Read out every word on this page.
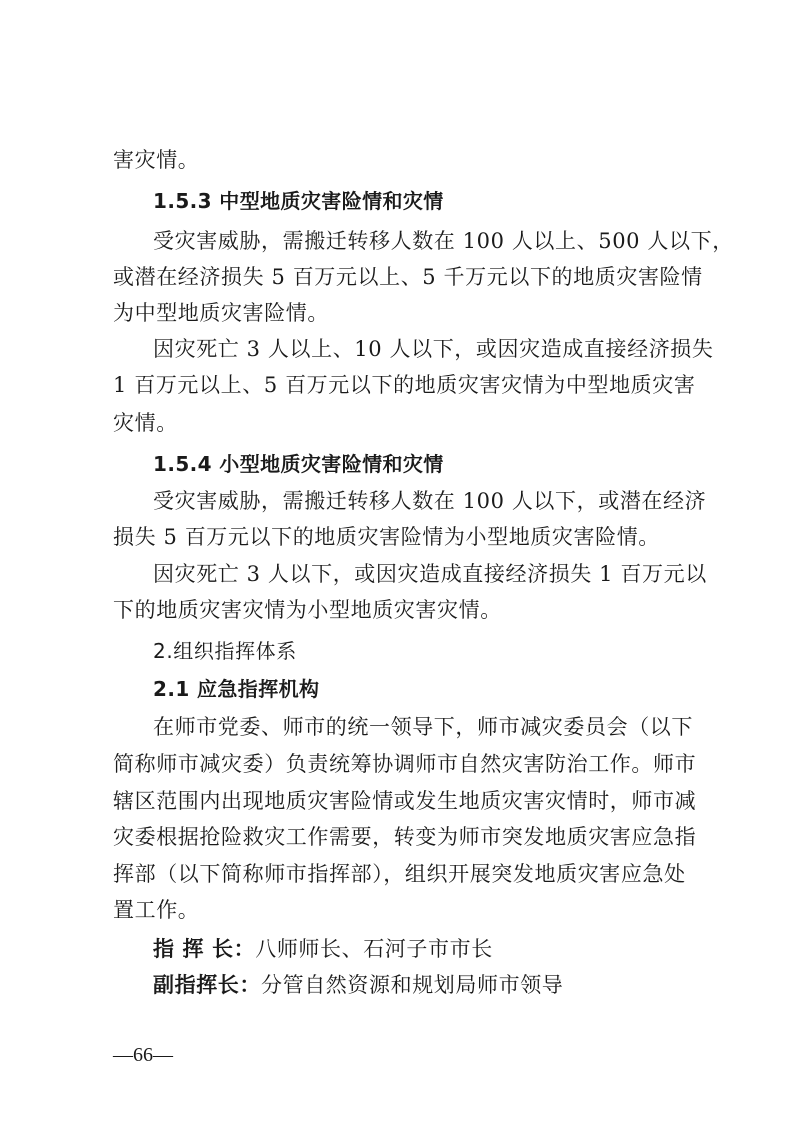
害灾情。
1.5.3 中型地质灾害险情和灾情
受灾害威胁，需搬迁转移人数在 100 人以上、500 人以下，
或潜在经济损失 5 百万元以上、5 千万元以下的地质灾害险情
为中型地质灾害险情。
因灾死亡 3 人以上、10 人以下，或因灾造成直接经济损失
1 百万元以上、5 百万元以下的地质灾害灾情为中型地质灾害
灾情。
1.5.4 小型地质灾害险情和灾情
受灾害威胁，需搬迁转移人数在 100 人以下，或潜在经济
损失 5 百万元以下的地质灾害险情为小型地质灾害险情。
因灾死亡 3 人以下，或因灾造成直接经济损失 1 百万元以
下的地质灾害灾情为小型地质灾害灾情。
2.组织指挥体系
2.1 应急指挥机构
在师市党委、师市的统一领导下，师市减灾委员会（以下
简称师市减灾委）负责统筹协调师市自然灾害防治工作。师市
辖区范围内出现地质灾害险情或发生地质灾害灾情时，师市减
灾委根据抢险救灾工作需要，转变为师市突发地质灾害应急指
挥部（以下简称师市指挥部），组织开展突发地质灾害应急处
置工作。
指 挥 长：八师师长、石河子市市长
副指挥长：分管自然资源和规划局师市领导
—66—
